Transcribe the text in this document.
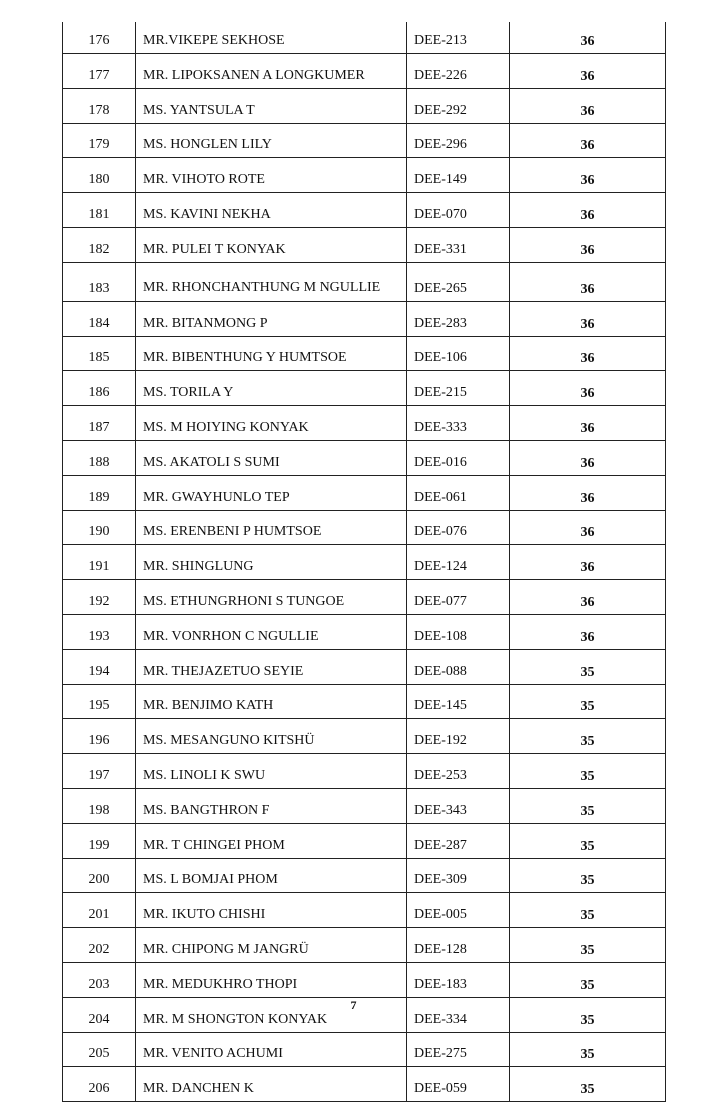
176	MR.VIKEPE SEKHOSE	DEE-213	36
177	MR. LIPOKSANEN A LONGKUMER	DEE-226	36
178	MS. YANTSULA T	DEE-292	36
179	MS. HONGLEN LILY	DEE-296	36
180	MR. VIHOTO ROTE	DEE-149	36
181	MS. KAVINI NEKHA	DEE-070	36
182	MR. PULEI T KONYAK	DEE-331	36
183	MR. RHONCHANTHUNG M NGULLIE	DEE-265	36
184	MR. BITANMONG P	DEE-283	36
185	MR. BIBENTHUNG Y HUMTSOE	DEE-106	36
186	MS. TORILA Y	DEE-215	36
187	MS. M HOIYING KONYAK	DEE-333	36
188	MS. AKATOLI S SUMI	DEE-016	36
189	MR. GWAYHUNLO TEP	DEE-061	36
190	MS. ERENBENI P HUMTSOE	DEE-076	36
191	MR. SHINGLUNG	DEE-124	36
192	MS. ETHUNGRHONI S TUNGOE	DEE-077	36
193	MR. VONRHON C NGULLIE	DEE-108	36
194	MR. THEJAZETUO SEYIE	DEE-088	35
195	MR. BENJIMO KATH	DEE-145	35
196	MS. MESANGUNO KITSHÜ	DEE-192	35
197	MS. LINOLI K SWU	DEE-253	35
198	MS. BANGTHRON F	DEE-343	35
199	MR. T CHINGEI PHOM	DEE-287	35
200	MS. L BOMJAI PHOM	DEE-309	35
201	MR. IKUTO CHISHI	DEE-005	35
202	MR. CHIPONG M JANGRÜ	DEE-128	35
203	MR. MEDUKHRO THOPI	DEE-183	35
204	MR. M SHONGTON KONYAK	DEE-334	35
205	MR. VENITO ACHUMI	DEE-275	35
206	MR. DANCHEN K	DEE-059	35
7
